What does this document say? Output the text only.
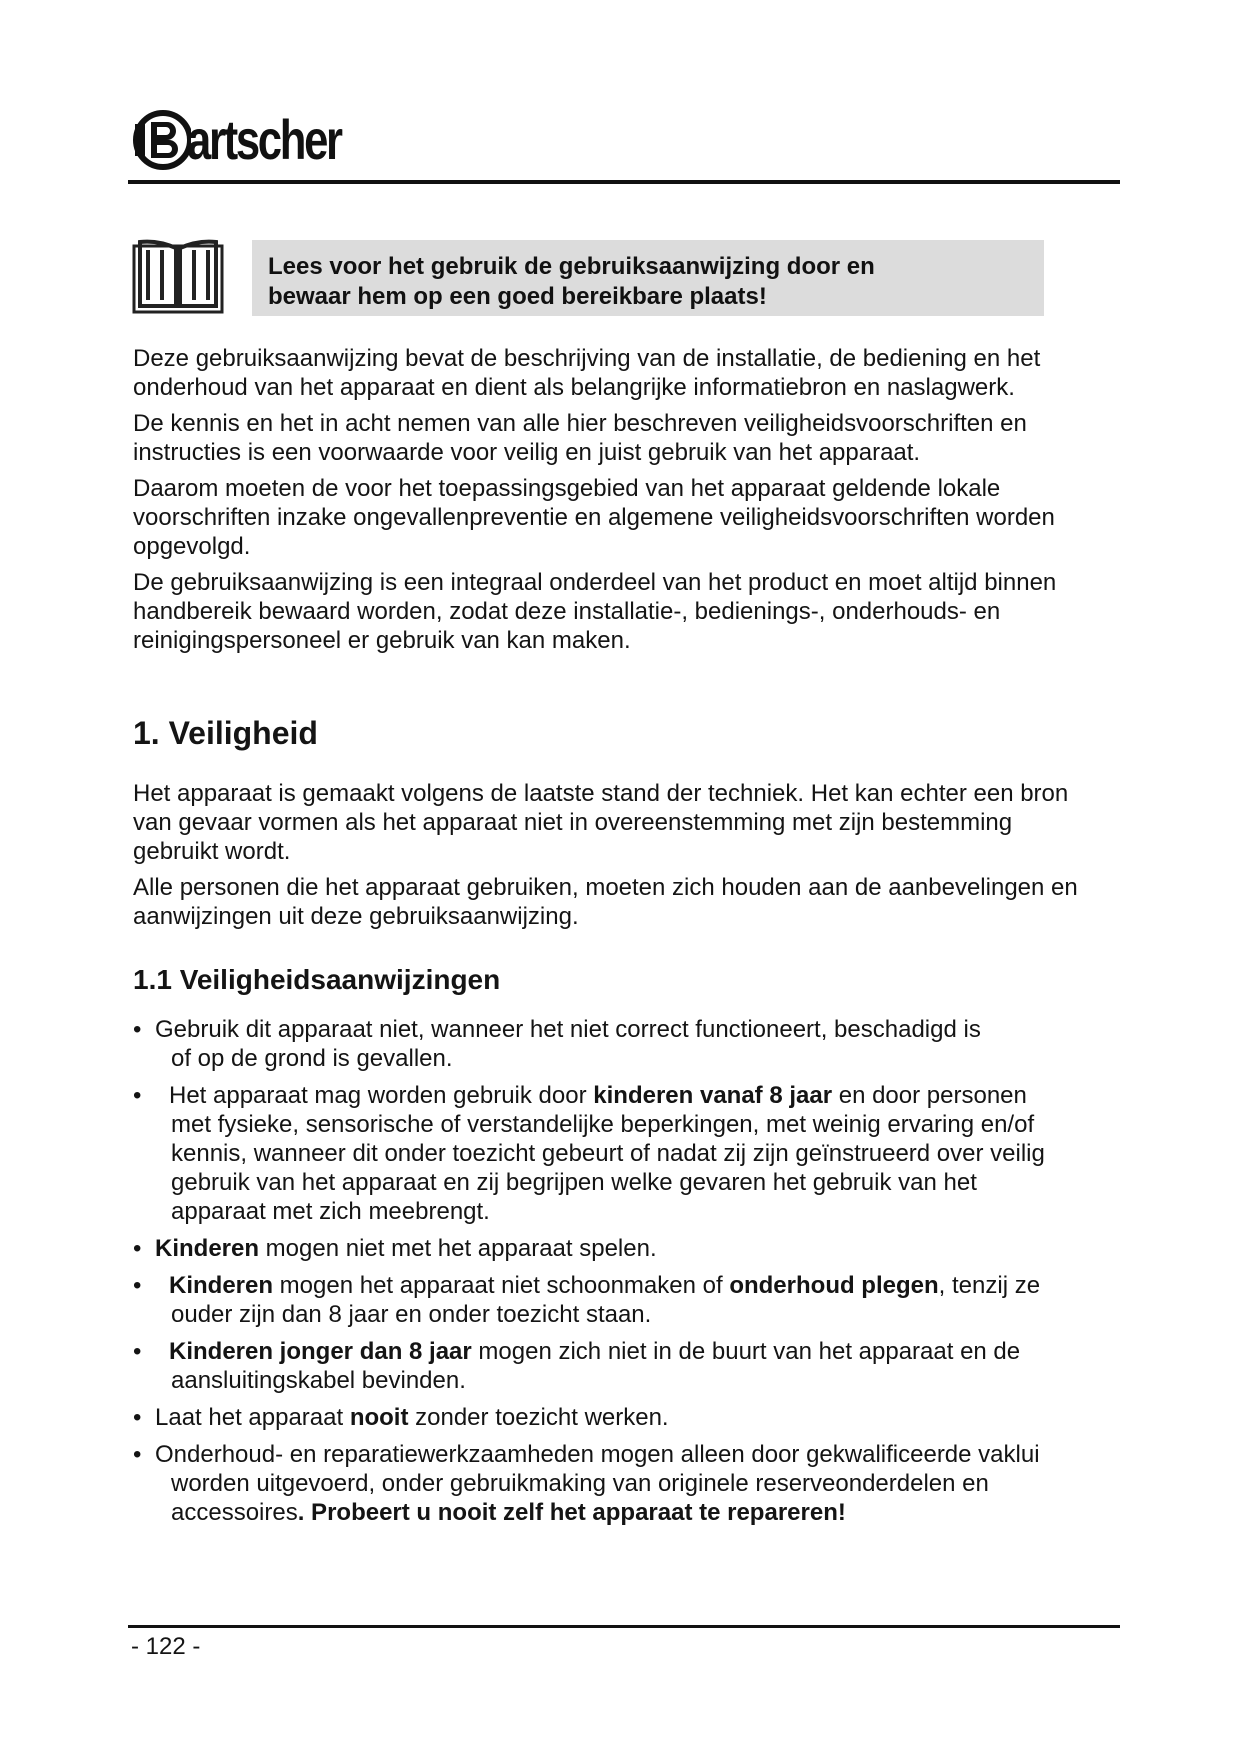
artscher
Lees voor het gebruik de gebruiksaanwijzing door en
bewaar hem op een goed bereikbare plaats!

Deze gebruiksaanwijzing bevat de beschrijving van de installatie, de bediening en het
onderhoud van het apparaat en dient als belangrijke informatiebron en naslagwerk.

De kennis en het in acht nemen van alle hier beschreven veiligheidsvoorschriften en
instructies is een voorwaarde voor veilig en juist gebruik van het apparaat.

Daarom moeten de voor het toepassingsgebied van het apparaat geldende lokale
voorschriften inzake ongevallenpreventie en algemene veiligheidsvoorschriften worden
opgevolgd.

De gebruiksaanwijzing is een integraal onderdeel van het product en moet altijd binnen
handbereik bewaard worden, zodat deze installatie-, bedienings-, onderhouds- en
reinigingspersoneel er gebruik van kan maken.

1. Veiligheid

Het apparaat is gemaakt volgens de laatste stand der techniek. Het kan echter een bron
van gevaar vormen als het apparaat niet in overeenstemming met zijn bestemming
gebruikt wordt.

Alle personen die het apparaat gebruiken, moeten zich houden aan de aanbevelingen en
aanwijzingen uit deze gebruiksaanwijzing.

1.1 Veiligheidsaanwijzingen
• Gebruik dit apparaat niet, wanneer het niet correct functioneert, beschadigd is
of op de grond is gevallen.
•	Het apparaat mag worden gebruik door kinderen vanaf 8 jaar en door personen
met fysieke, sensorische of verstandelijke beperkingen, met weinig ervaring en/of
kennis, wanneer dit onder toezicht gebeurt of nadat zij zijn geïnstrueerd over veilig
gebruik van het apparaat en zij begrijpen welke gevaren het gebruik van het
apparaat met zich meebrengt.
• Kinderen mogen niet met het apparaat spelen.
•	Kinderen mogen het apparaat niet schoonmaken of onderhoud plegen, tenzij ze
ouder zijn dan 8 jaar en onder toezicht staan.
•	Kinderen jonger dan 8 jaar mogen zich niet in de buurt van het apparaat en de
aansluitingskabel bevinden.
• Laat het apparaat nooit zonder toezicht werken.
• Onderhoud- en reparatiewerkzaamheden mogen alleen door gekwalificeerde vaklui
worden uitgevoerd, onder gebruikmaking van originele reserveonderdelen en
accessoires. Probeert u nooit zelf het apparaat te repareren!
- 122 -
